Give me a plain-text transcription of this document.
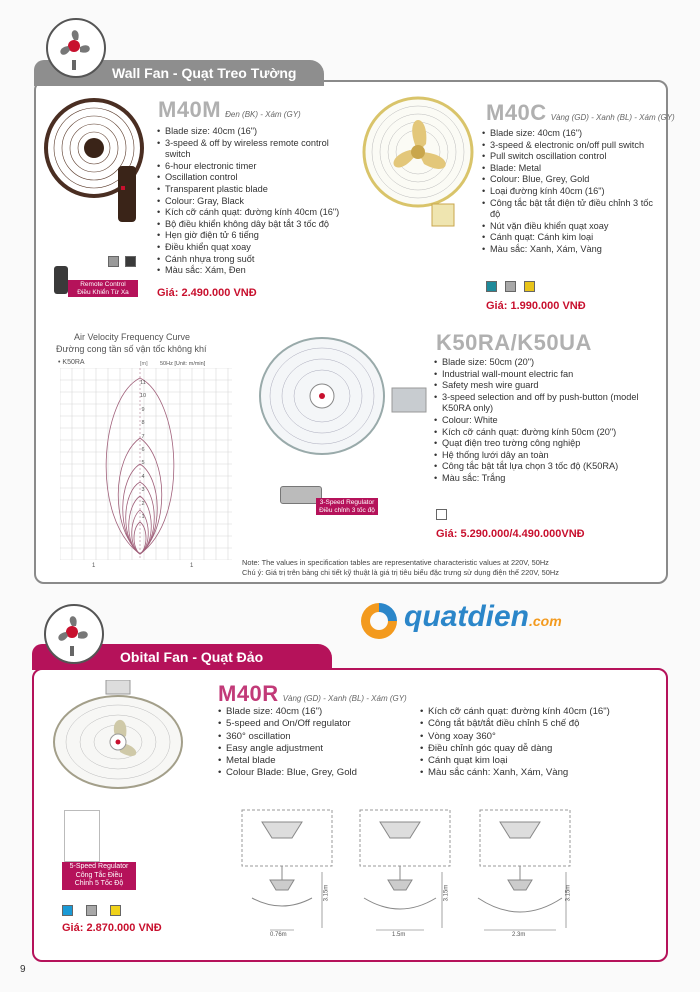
Wall Fan - Quạt Treo Tường
M40M Đen (BK) - Xám (GY)
• Blade size: 40cm (16")
• 3-speed & off by wireless remote control switch
• 6-hour electronic timer
• Oscillation control
• Transparent plastic blade
• Colour: Gray, Black
• Kích cỡ cánh quạt: đường kính 40cm (16")
• Bộ điều khiển không dây bật tắt 3 tốc độ
• Hẹn giờ điện tử 6 tiếng
• Điều khiển quạt xoay
• Cánh nhựa trong suốt
• Màu sắc: Xám, Đen
Remote Control
Điều Khiển Từ Xa	Giá: 2.490.000 VNĐ
M40C Vàng (GD) - Xanh (BL) - Xám (GY)
• Blade size: 40cm (16")
• 3-speed & electronic on/off pull switch
• Pull switch oscillation control
• Blade: Metal
• Colour: Blue, Grey, Gold
• Loại đường kính 40cm (16")
• Công tắc bật tắt điện tử điều chỉnh 3 tốc độ
• Nút vặn điều khiển quạt xoay
• Cánh quạt: Cánh kim loại
• Màu sắc: Xanh, Xám, Vàng
Giá: 1.990.000 VNĐ
Air Velocity Frequency Curve
Đường cong tần số vận tốc không khí
• K50RA	[m] 50Hz [Unit: m/min]
11
10
9
8
7
6
5
4
3
2
1
1	1
3-Speed Regulator
Điều chỉnh 3 tốc độ
K50RA/K50UA
• Blade size: 50cm (20")
• Industrial wall-mount electric fan
• Safety mesh wire guard
• 3-speed selection and off by push-button (model K50RA only)
• Colour: White
• Kích cỡ cánh quạt: đường kính 50cm (20")
• Quạt điện treo tường công nghiệp
• Hệ thống lưới dây an toàn
• Công tắc bật tắt lựa chọn 3 tốc độ (K50RA)
• Màu sắc: Trắng
Giá: 5.290.000/4.490.000VNĐ
Note: The values in specification tables are representative characteristic values at 220V, 50Hz
Chú ý: Giá trị trên bảng chi tiết kỹ thuật là giá trị tiêu biểu đặc trưng sử dụng điện thế 220V, 50Hz
quatdien.com
Obital Fan - Quạt Đảo
5-Speed Regulator
Công Tắc Điều
Chỉnh 5 Tốc Độ
Giá: 2.870.000 VNĐ
M40R Vàng (GD) - Xanh (BL) - Xám (GY)
• Blade size: 40cm (16")
• 5-speed and On/Off regulator
• 360° oscillation
• Easy angle adjustment
• Metal blade
• Colour Blade: Blue, Grey, Gold
• Kích cỡ cánh quạt: đường kính 40cm (16")
• Công tắt bật/tắt điều chỉnh 5 chế độ
• Vòng xoay 360°
• Điều chỉnh góc quay dễ dàng
• Cánh quạt kim loại
• Màu sắc cánh: Xanh, Xám, Vàng
0.76m	1.5m	2.3m
3.15m	3.15m	3.15m
9
